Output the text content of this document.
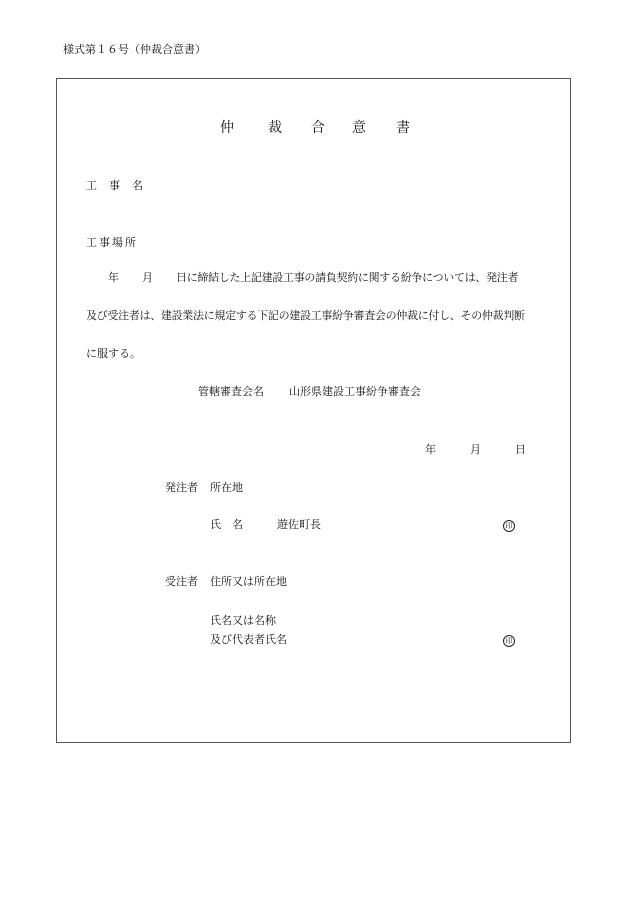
様式第１６号（仲裁合意書）
仲 裁 合 意 書
工 事 名
工事場所
年 月 日に締結した上記建設工事の請負契約に関する紛争については、発注者
及び受注者は、建設業法に規定する下記の建設工事紛争審査会の仲裁に付し、その仲裁判断
に服する。
管轄審査会名 山形県建設工事紛争審査会
年	月	日
発注者 所在地
氏 名	遊佐町長	印
受注者 住所又は所在地
氏名又は名称
及び代表者氏名	印
